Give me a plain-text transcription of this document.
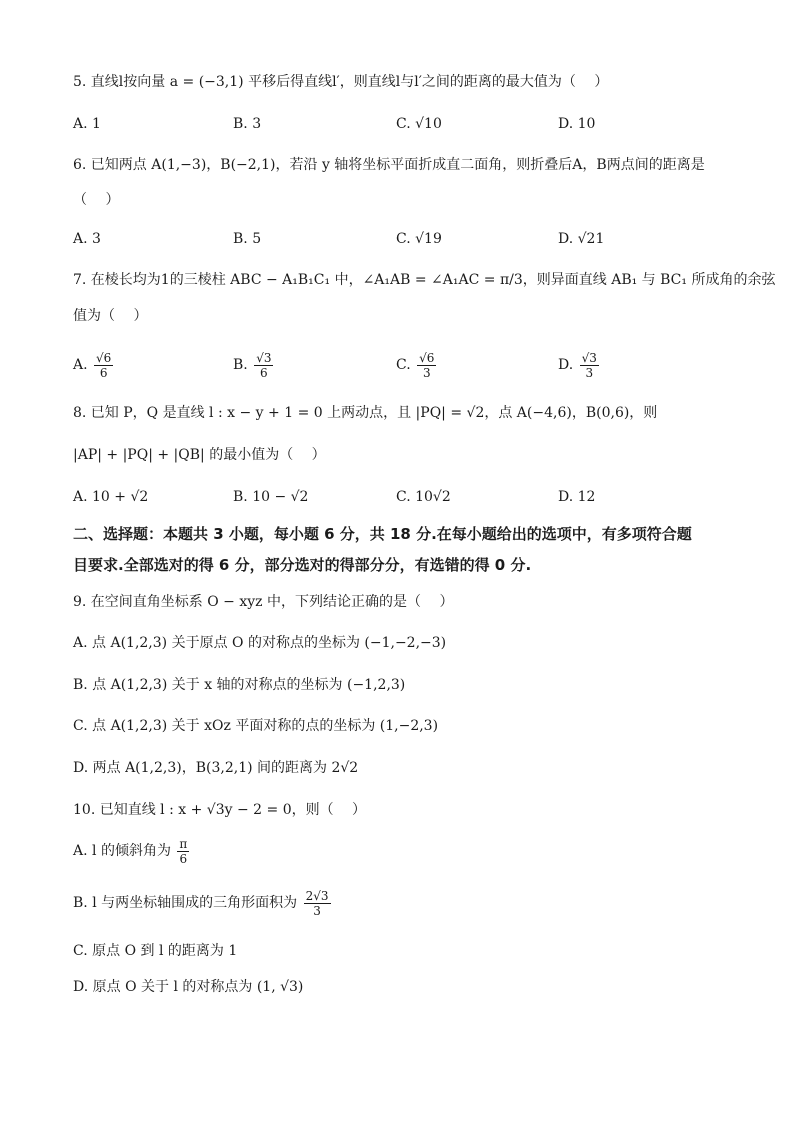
5. 直线l按向量 a = (−3,1) 平移后得直线l′，则直线l与l′之间的距离的最大值为（　 ）
A. 1	B. 3	C. √10	D. 10
6. 已知两点 A(1,−3)，B(−2,1)，若沿 y 轴将坐标平面折成直二面角，则折叠后A，B两点间的距离是
（　 ）
A. 3	B. 5	C. √19	D. √21
7. 在棱长均为1的三棱柱 ABC − A₁B₁C₁ 中，∠A₁AB = ∠A₁AC = π/3，则异面直线 AB₁ 与 BC₁ 所成角的余弦
值为（　 ）
A. $\frac{√6}{6}$	B. $\frac{√3}{6}$	C. $\frac{√6}{3}$	D. $\frac{√3}{3}$
8. 已知 P，Q 是直线 l : x − y + 1 = 0 上两动点，且 |PQ| = √2，点 A(−4,6)，B(0,6)，则
|AP| + |PQ| + |QB| 的最小值为（　 ）
A. 10 + √2	B. 10 − √2	C. 10√2	D. 12
二、选择题：本题共 3 小题，每小题 6 分，共 18 分.在每小题给出的选项中，有多项符合题
目要求.全部选对的得 6 分，部分选对的得部分分，有选错的得 0 分.
9. 在空间直角坐标系 O − xyz 中，下列结论正确的是（　 ）
A. 点 A(1,2,3) 关于原点 O 的对称点的坐标为 (−1,−2,−3)
B. 点 A(1,2,3) 关于 x 轴的对称点的坐标为 (−1,2,3)
C. 点 A(1,2,3) 关于 xOz 平面对称的点的坐标为 (1,−2,3)
D. 两点 A(1,2,3)，B(3,2,1) 间的距离为 2√2
10. 已知直线 l : x + √3y − 2 = 0，则（　 ）
A. l 的倾斜角为 $\frac{\pi}{6}$
B. l 与两坐标轴围成的三角形面积为 $\frac{2√3}{3}$
C. 原点 O 到 l 的距离为 1
D. 原点 O 关于 l 的对称点为 (1, √3)
